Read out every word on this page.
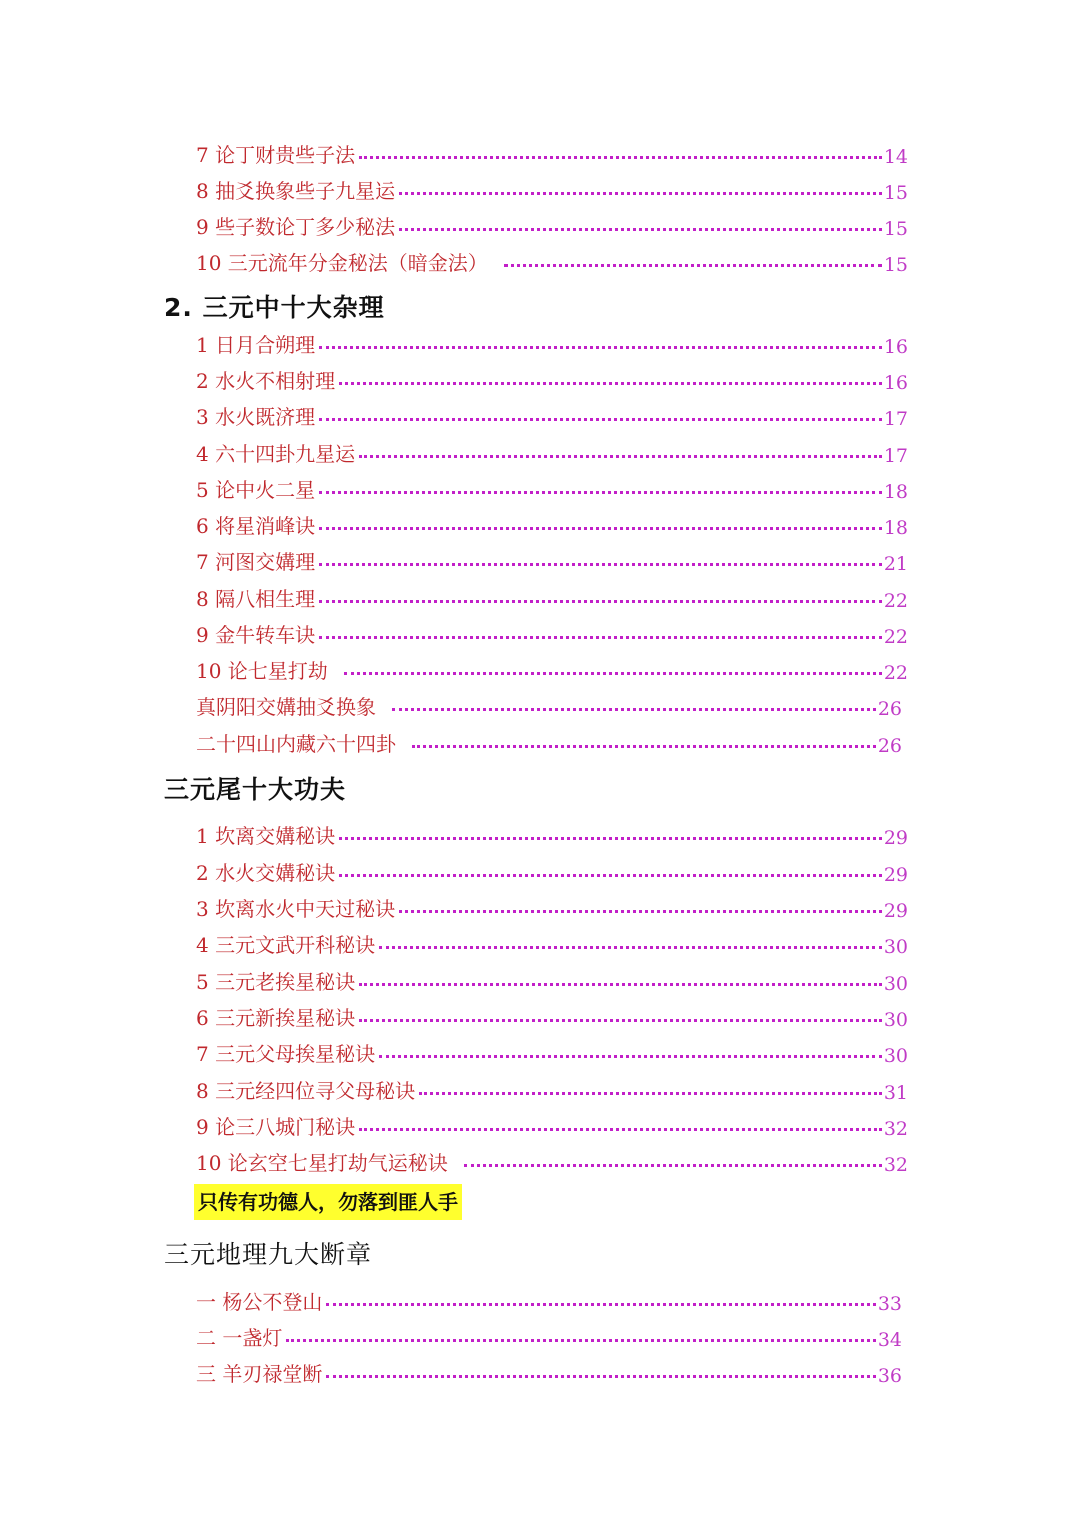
7 论丁财贵些子法	14
8 抽爻换象些子九星运	15
9 些子数论丁多少秘法	15
10 三元流年分金秘法（暗金法）	15
2. 三元中十大杂理
1 日月合朔理	16
2 水火不相射理	16
3 水火既济理	17
4 六十四卦九星运	17
5 论中火二星	18
6 将星消峰诀	18
7 河图交媾理	21
8 隔八相生理	22
9 金牛转车诀	22
10 论七星打劫	22
真阴阳交媾抽爻换象	26
二十四山内藏六十四卦	26
三元尾十大功夫
1 坎离交媾秘诀	29
2 水火交媾秘诀	29
3 坎离水火中天过秘诀	29
4 三元文武开科秘诀	30
5 三元老挨星秘诀	30
6 三元新挨星秘诀	30
7 三元父母挨星秘诀	30
8 三元经四位寻父母秘诀	31
9 论三八城门秘诀	32
10 论玄空七星打劫气运秘诀	32
只传有功德人，勿落到匪人手
三元地理九大断章
一 杨公不登山	33
二 一盏灯	34
三 羊刃禄堂断	36
